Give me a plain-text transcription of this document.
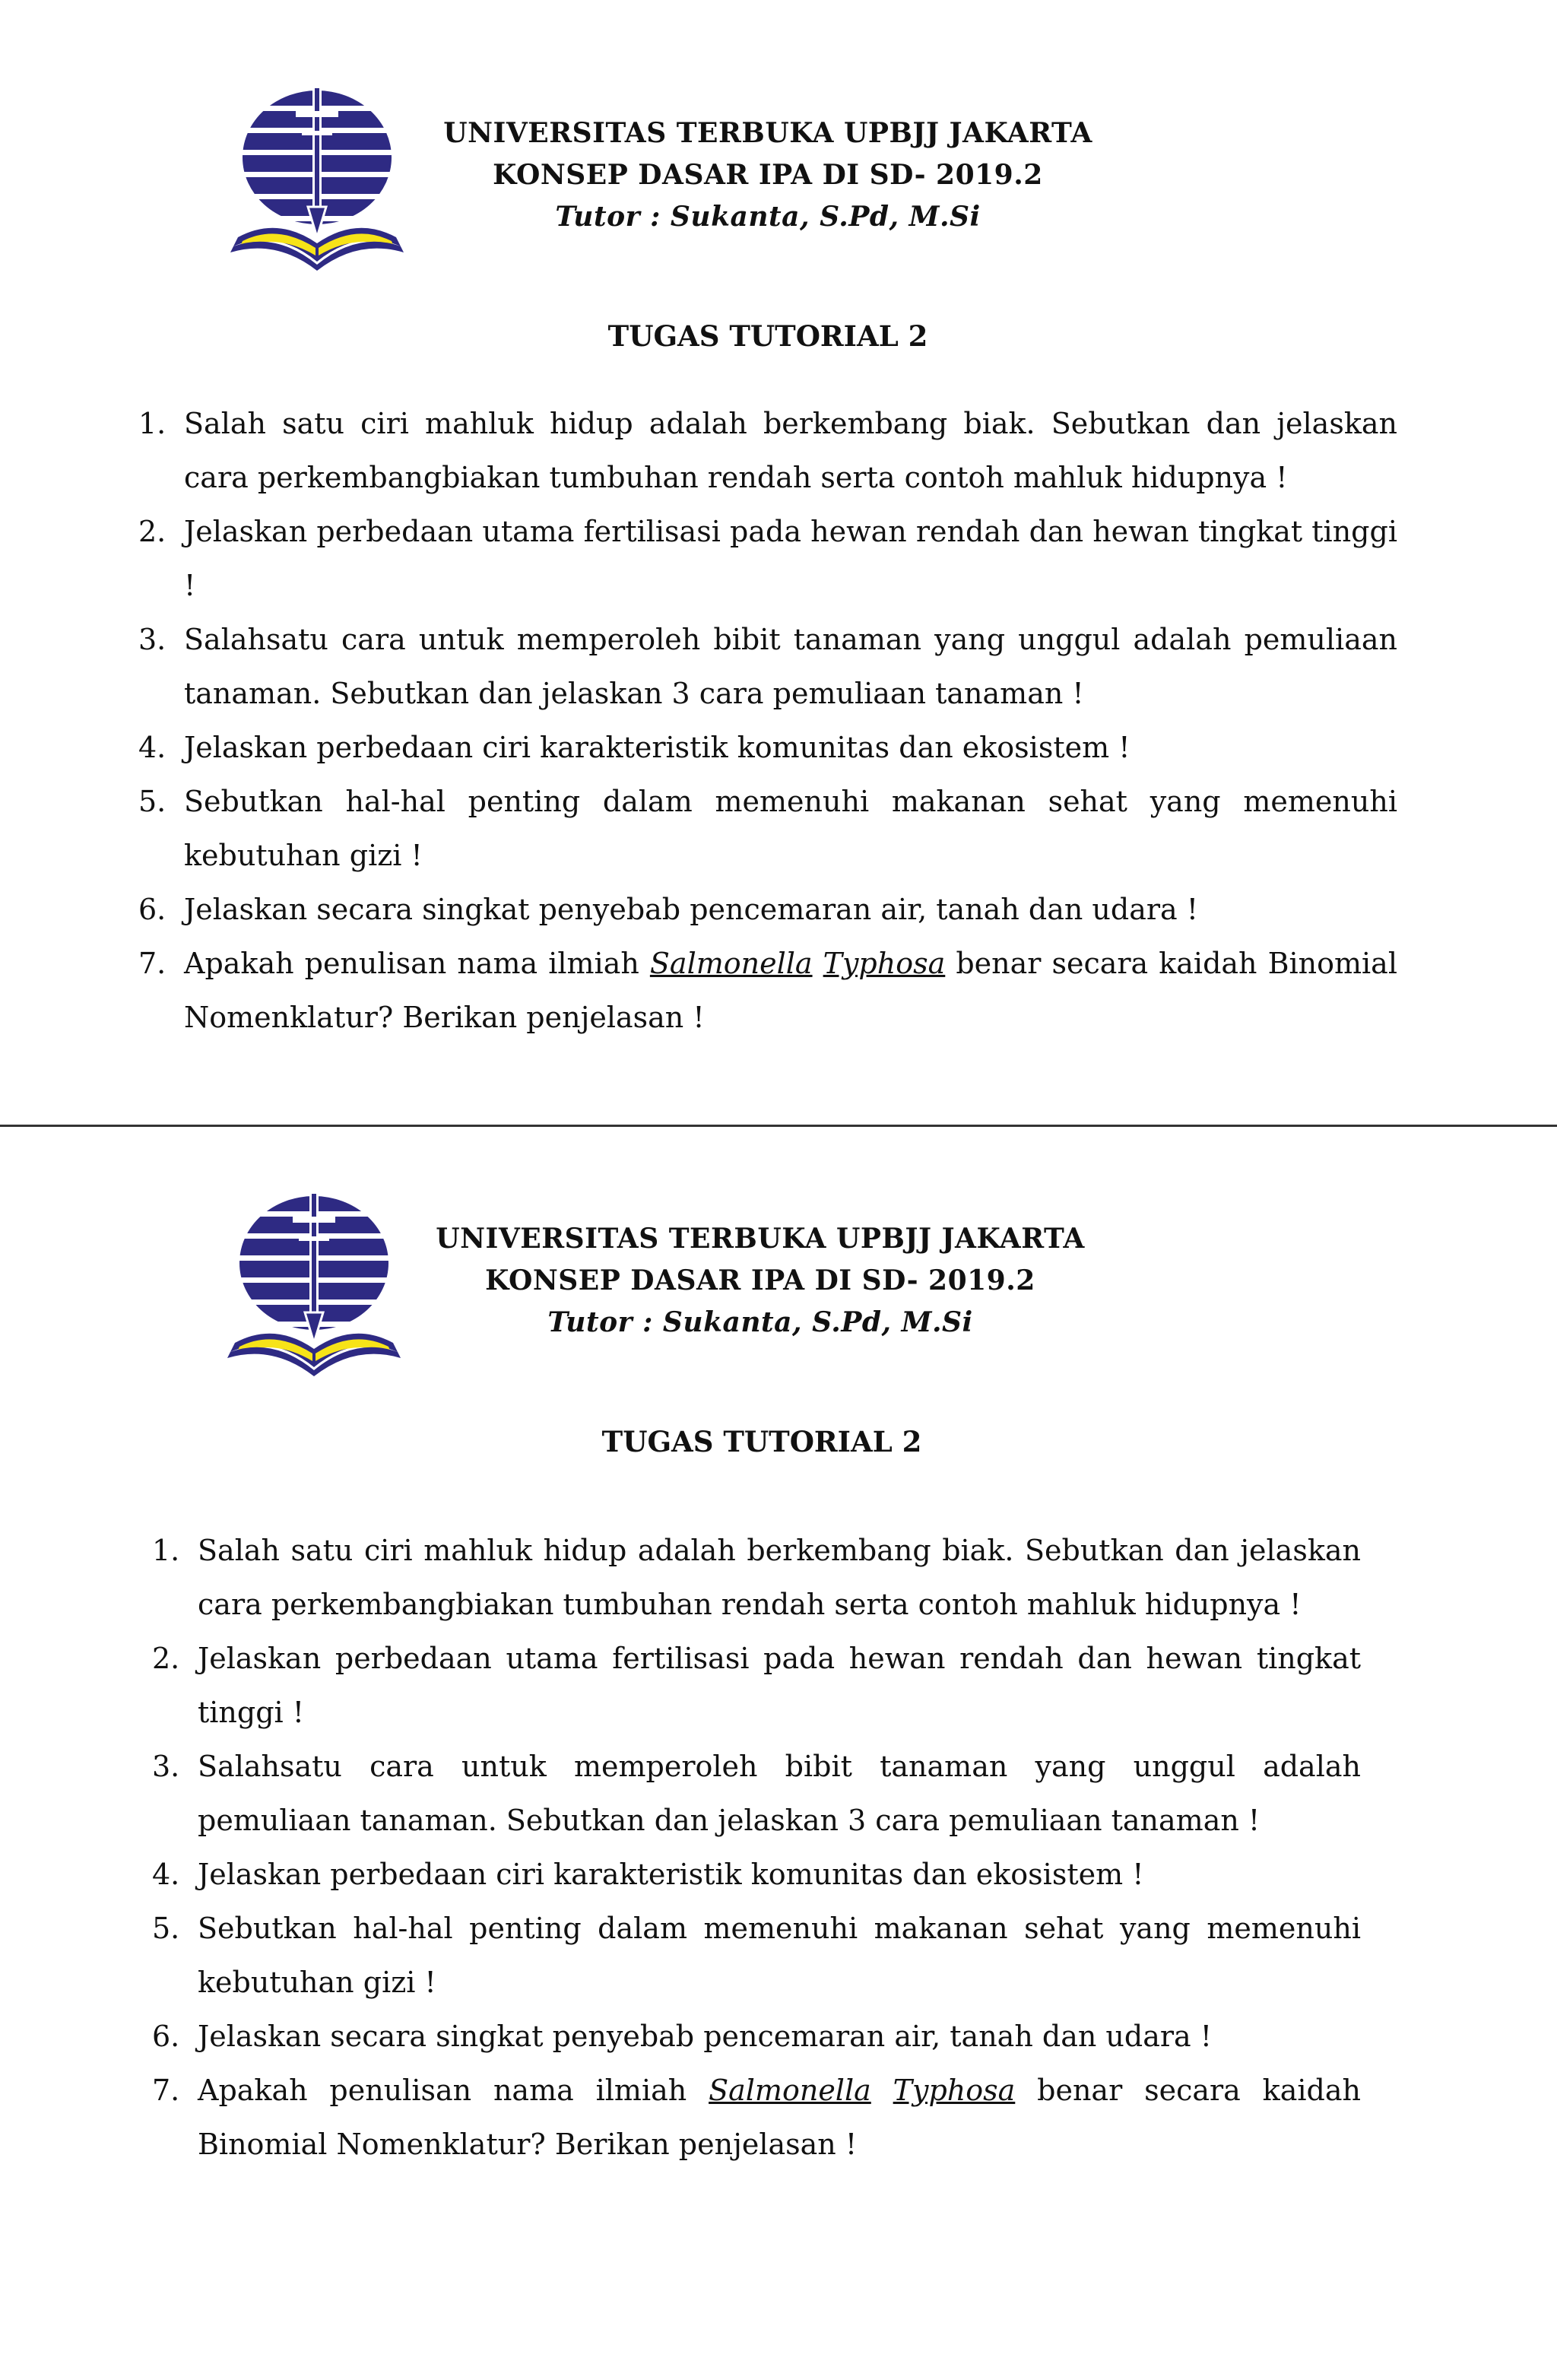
UNIVERSITAS TERBUKA UPBJJ JAKARTA
KONSEP DASAR IPA DI SD- 2019.2
Tutor : Sukanta, S.Pd, M.Si
TUGAS TUTORIAL 2
1. Salah satu ciri mahluk hidup adalah berkembang biak. Sebutkan dan jelaskan cara perkembangbiakan tumbuhan rendah serta contoh mahluk hidupnya !
2. Jelaskan perbedaan utama fertilisasi pada hewan rendah dan hewan tingkat tinggi !
3. Salahsatu cara untuk memperoleh bibit tanaman yang unggul adalah pemuliaan tanaman. Sebutkan dan jelaskan 3 cara pemuliaan tanaman !
4. Jelaskan perbedaan ciri karakteristik komunitas dan ekosistem !
5. Sebutkan hal-hal penting dalam memenuhi makanan sehat yang memenuhi kebutuhan gizi !
6. Jelaskan secara singkat penyebab pencemaran air, tanah dan udara !
7. Apakah penulisan nama ilmiah Salmonella Typhosa benar secara kaidah Binomial Nomenklatur? Berikan penjelasan !
UNIVERSITAS TERBUKA UPBJJ JAKARTA
KONSEP DASAR IPA DI SD- 2019.2
Tutor : Sukanta, S.Pd, M.Si
TUGAS TUTORIAL 2
1. Salah satu ciri mahluk hidup adalah berkembang biak. Sebutkan dan jelaskan cara perkembangbiakan tumbuhan rendah serta contoh mahluk hidupnya !
2. Jelaskan perbedaan utama fertilisasi pada hewan rendah dan hewan tingkat tinggi !
3. Salahsatu cara untuk memperoleh bibit tanaman yang unggul adalah pemuliaan tanaman. Sebutkan dan jelaskan 3 cara pemuliaan tanaman !
4. Jelaskan perbedaan ciri karakteristik komunitas dan ekosistem !
5. Sebutkan hal-hal penting dalam memenuhi makanan sehat yang memenuhi kebutuhan gizi !
6. Jelaskan secara singkat penyebab pencemaran air, tanah dan udara !
7. Apakah penulisan nama ilmiah Salmonella Typhosa benar secara kaidah Binomial Nomenklatur? Berikan penjelasan !
